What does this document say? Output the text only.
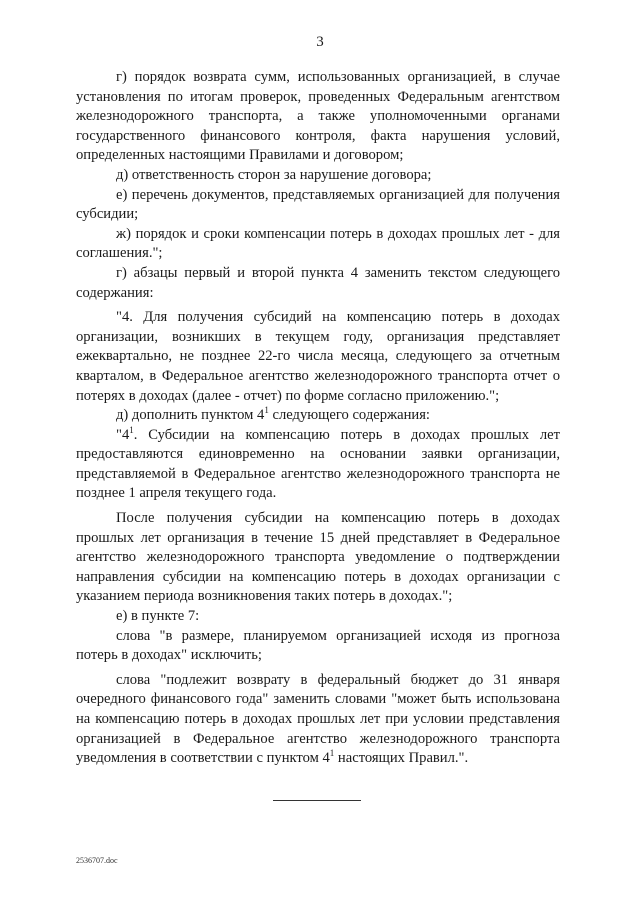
3

г) порядок возврата сумм, использованных организацией, в случае установления по итогам проверок, проведенных Федеральным агентством железнодорожного транспорта, а также уполномоченными органами государственного финансового контроля, факта нарушения условий, определенных настоящими Правилами и договором;

д) ответственность сторон за нарушение договора;

е) перечень документов, представляемых организацией для получения субсидии;

ж) порядок и сроки компенсации потерь в доходах прошлых лет - для соглашения.";

г) абзацы первый и второй пункта 4 заменить текстом следующего содержания:

"4. Для получения субсидий на компенсацию потерь в доходах организации, возникших в текущем году, организация представляет ежеквартально, не позднее 22-го числа месяца, следующего за отчетным кварталом, в Федеральное агентство железнодорожного транспорта отчет о потерях в доходах (далее - отчет) по форме согласно приложению.";

д) дополнить пунктом $4^1$ следующего содержания:

"$4^1$. Субсидии на компенсацию потерь в доходах прошлых лет предоставляются единовременно на основании заявки организации, представляемой в Федеральное агентство железнодорожного транспорта не позднее 1 апреля текущего года.

После получения субсидии на компенсацию потерь в доходах прошлых лет организация в течение 15 дней представляет в Федеральное агентство железнодорожного транспорта уведомление о подтверждении направления субсидии на компенсацию потерь в доходах организации с указанием периода возникновения таких потерь в доходах.";

е) в пункте 7:

слова "в размере, планируемом организацией исходя из прогноза потерь в доходах" исключить;

слова "подлежит возврату в федеральный бюджет до 31 января очередного финансового года" заменить словами "может быть использована на компенсацию потерь в доходах прошлых лет при условии представления организацией в Федеральное агентство железнодорожного транспорта уведомления в соответствии с пунктом $4^1$ настоящих Правил.".

2536707.doc
